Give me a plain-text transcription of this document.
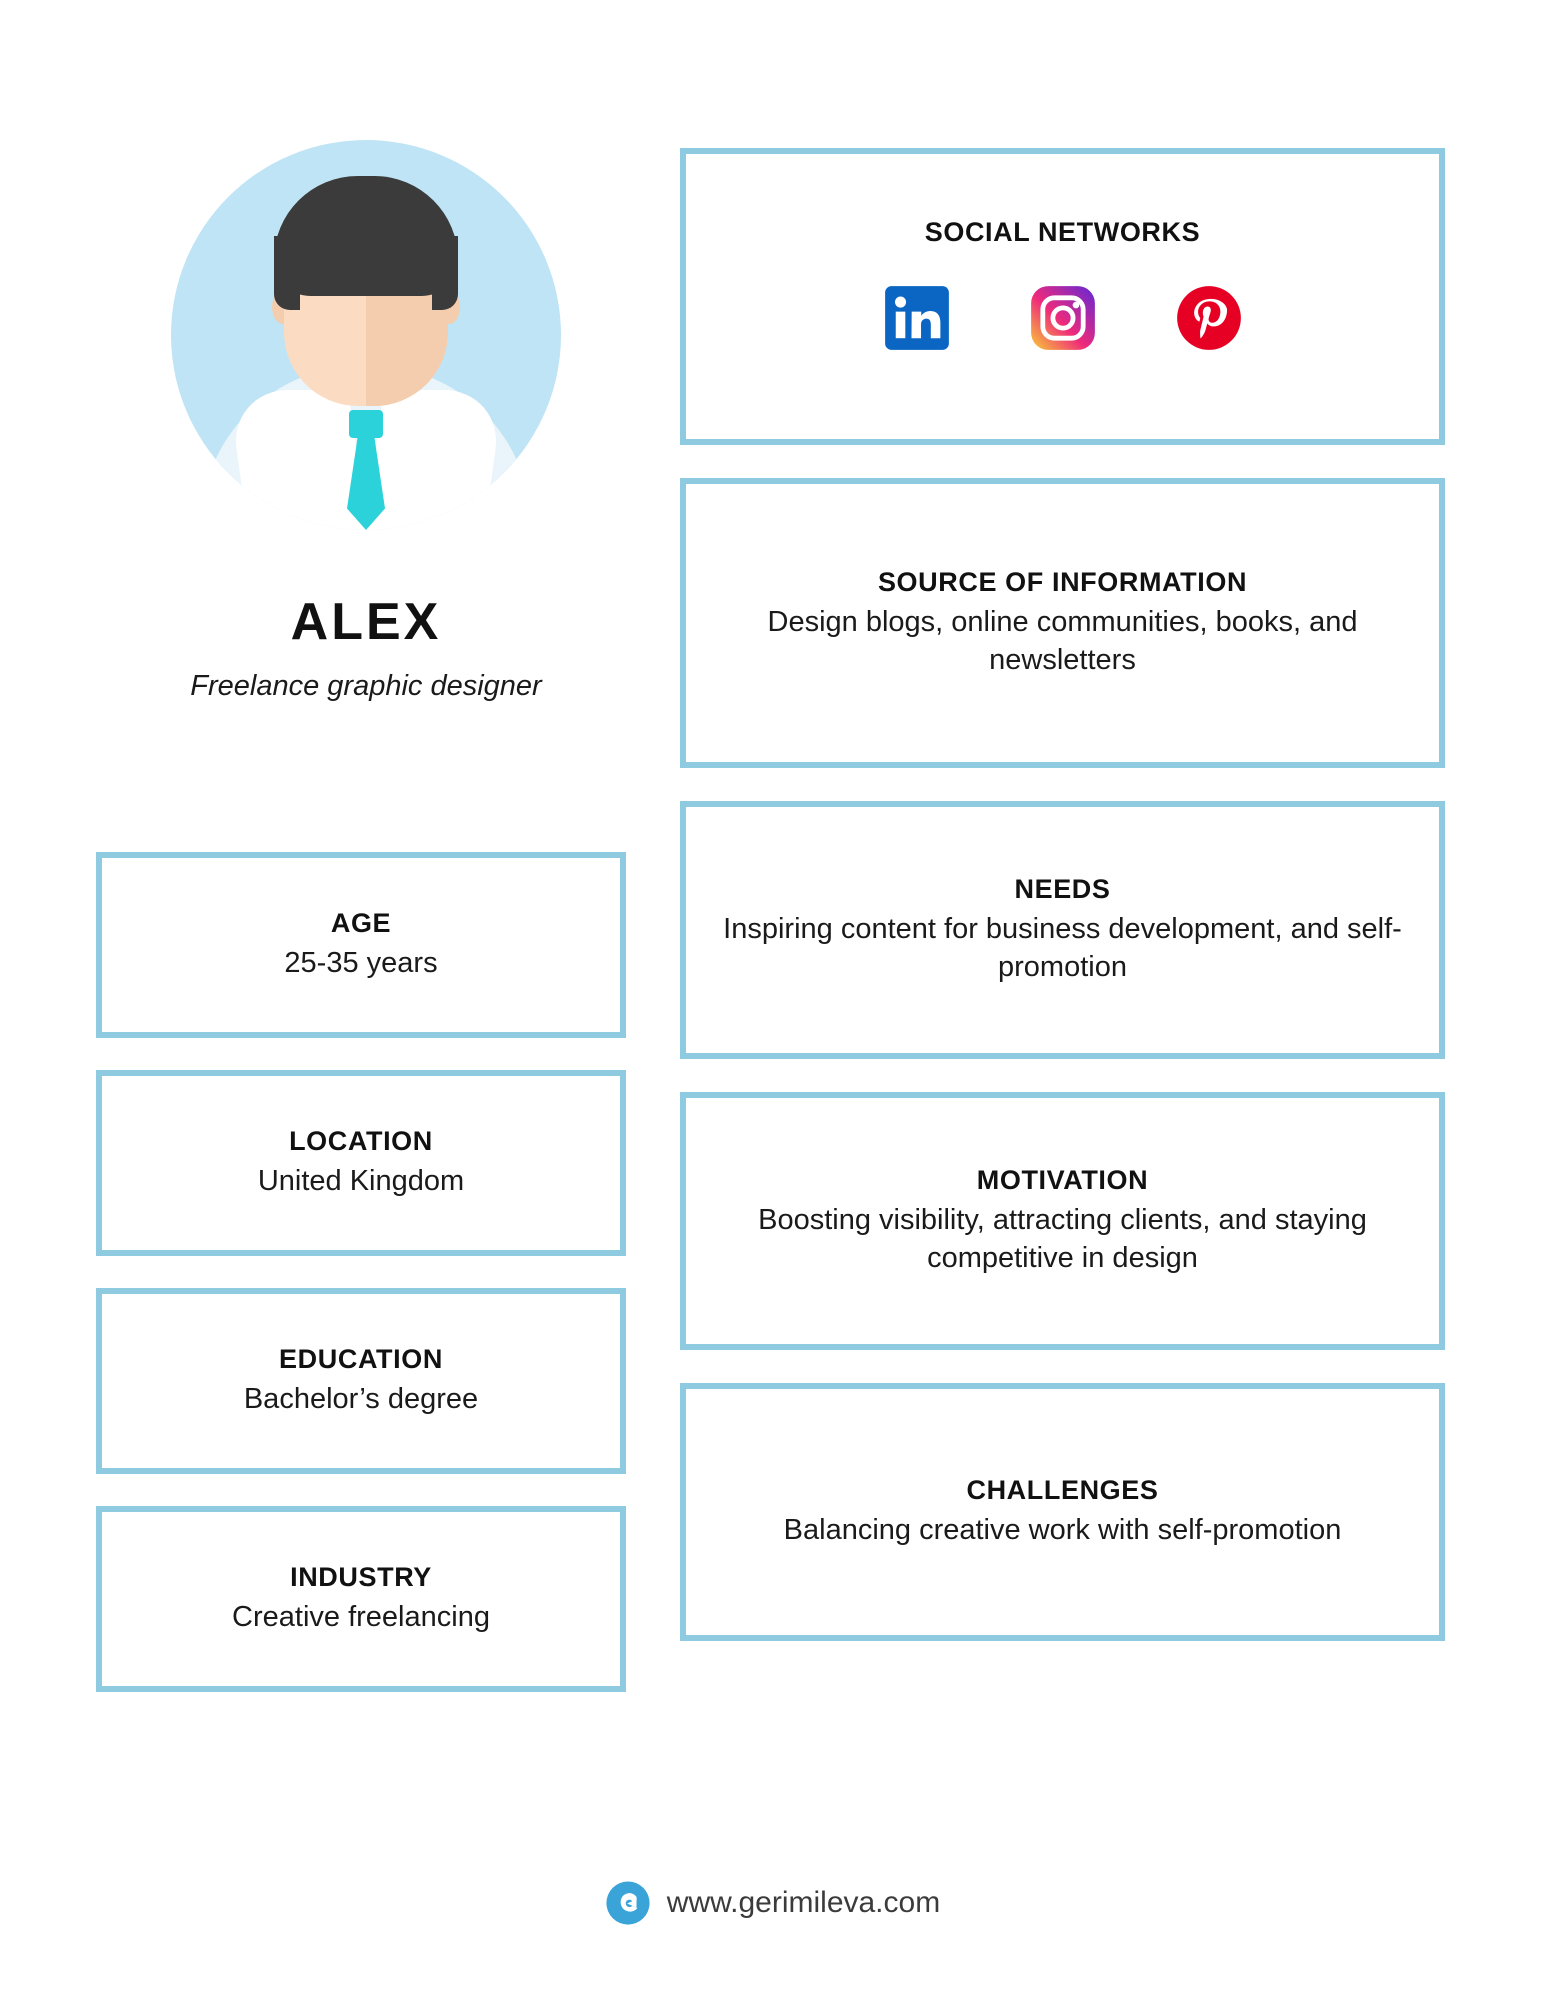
ALEX
Freelance graphic designer
AGE
25-35 years
LOCATION
United Kingdom
EDUCATION
Bachelor’s degree
INDUSTRY
Creative freelancing
SOCIAL NETWORKS
SOURCE OF INFORMATION
Design blogs, online communities, books, and newsletters
NEEDS
Inspiring content for business development, and self-promotion
MOTIVATION
Boosting visibility, attracting clients, and staying competitive in design
CHALLENGES
Balancing creative work with self-promotion
www.gerimileva.com
